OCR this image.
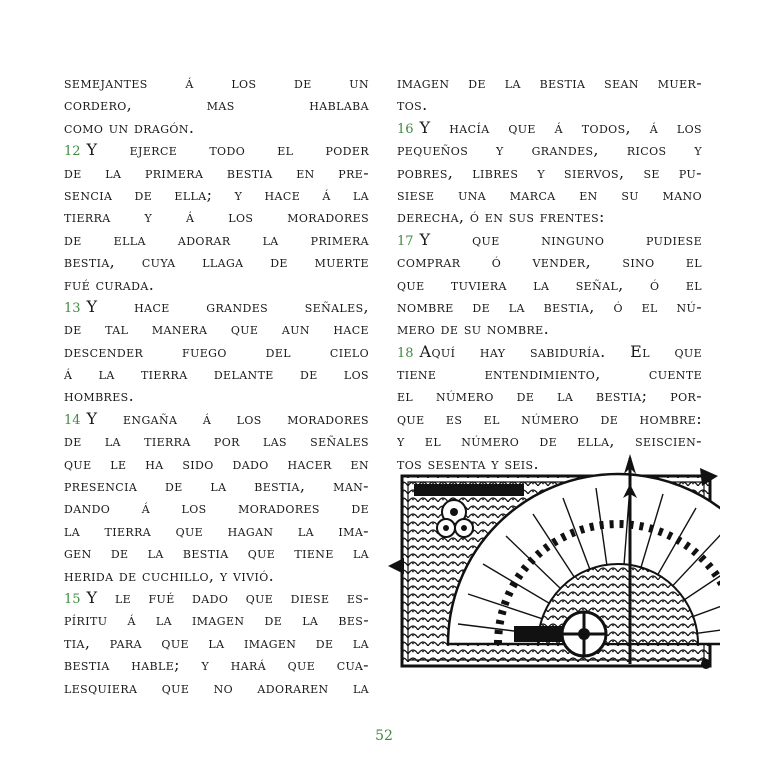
semejantes á los de un
cordero, mas hablaba
como un dragón.
12 Y ejerce todo el poder
de la primera bestia en pre-
sencia de ella; y hace á la
tierra y á los moradores
de ella adorar la primera
bestia, cuya llaga de muerte
fué curada.
13 Y hace grandes señales,
de tal manera que aun hace
descender fuego del cielo
á la tierra delante de los
hombres.
14 Y engaña á los moradores
de la tierra por las señales
que le ha sido dado hacer en
presencia de la bestia, man-
dando á los moradores de
la tierra que hagan la ima-
gen de la bestia que tiene la
herida de cuchillo, y vivió.
15 Y le fué dado que diese es-
píritu á la imagen de la bes-
tia, para que la imagen de la
bestia hable; y hará que cua-
lesquiera que no adoraren la
imagen de la bestia sean muer-
tos.
16 Y hacía que á todos, á los
pequeños y grandes, ricos y
pobres, libres y siervos, se pu-
siese una marca en su mano
derecha, ó en sus frentes:
17 Y que ninguno pudiese
comprar ó vender, sino el
que tuviera la señal, ó el
nombre de la bestia, ó el nú-
mero de su nombre.
18 Aquí hay sabiduría. El que
tiene entendimiento, cuente
el número de la bestia; por-
que es el número de hombre:
y el número de ella, seiscien-
tos sesenta y seis.
52
